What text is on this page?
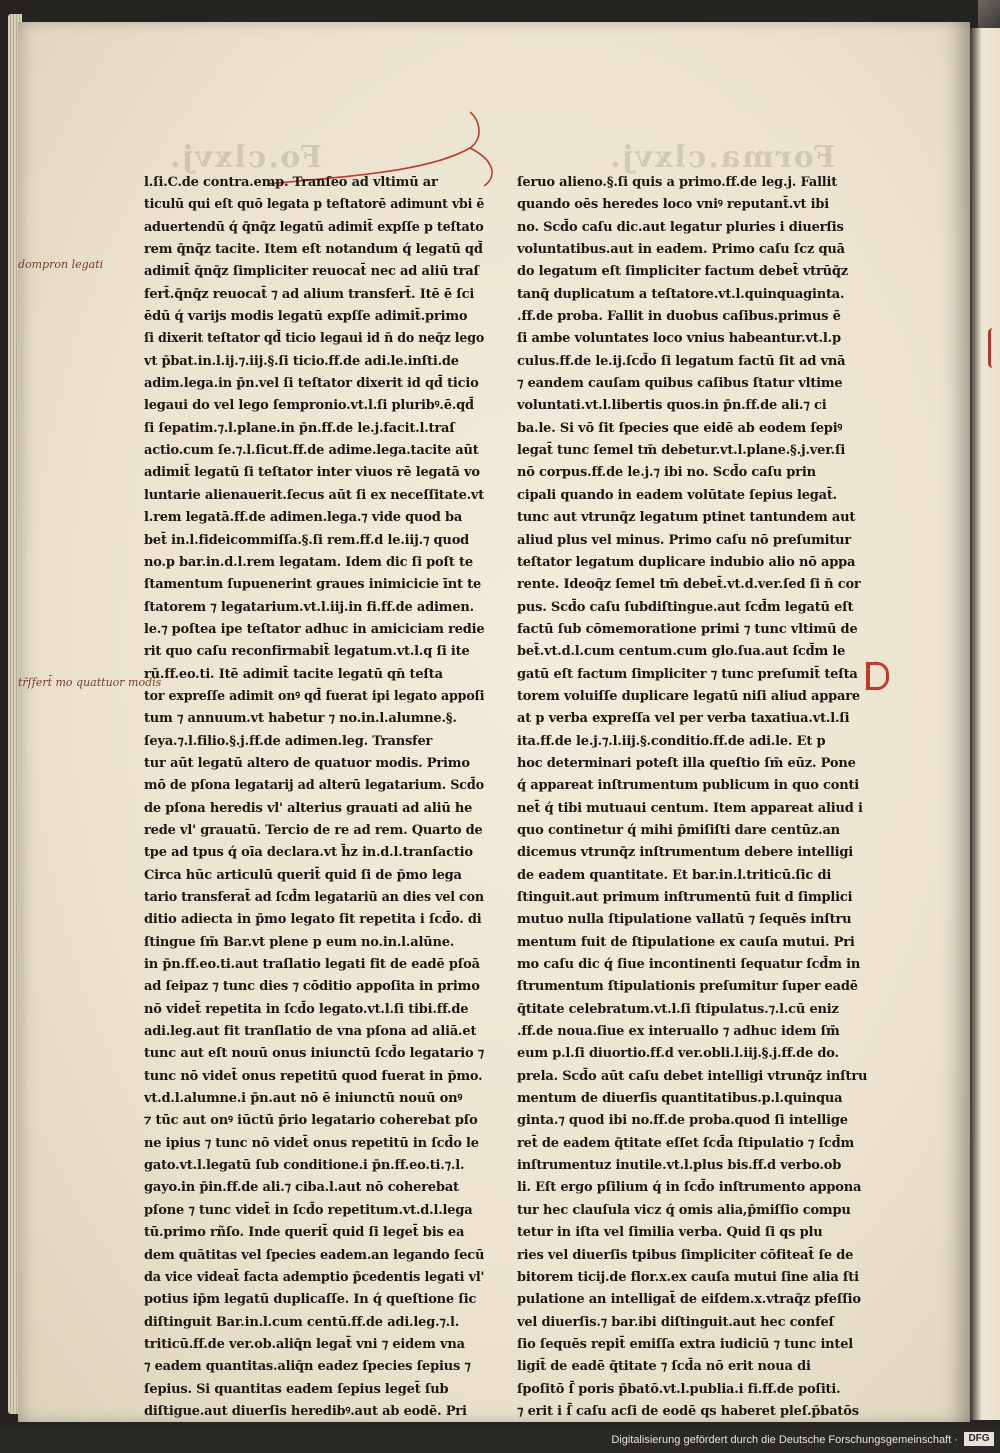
Fo.clxvj.	Forma.clxvj.
dompron legati
tr̄ſfert̄ mo quattuor modis
l.ſi.C.de contra.emp. Tranſeo ad vltimū ar
ticulū qui eſt quō legata p teſtatorē adimunt vbi ē
aduertendū q́ q̄nq̄z legatū adimit̄ expſſe p teſtato
rem q̄nq̄z tacite. Item eſt notandum q́ legatū qd̄
adimit̄ q̄nq̄z ſimpliciter reuocat̄ nec ad aliū traſ
fert̄.q̄nq̄z reuocat̄ ⁊ ad alium transfert̄. Itē ē ſci
ēdū q́ varijs modis legatū expſſe adimit̄.primo
ſi dixerit teſtator qd̄ ticio legaui id n̄ do neq̄z lego
vt p̄bat.in.l.ij.⁊.iij.§.ſi ticio.ff.de adi.le.inſti.de
adim.lega.in p̄n.vel ſi teſtator dixerit id qd̄ ticio
legaui do vel lego ſempronio.vt.l.ſi pluribꝰ.ē.qd̄
ſi ſepatim.⁊.l.plane.in p̄n.ff.de le.j.facit.l.traſ
actio.cum ſe.⁊.l.ſicut.ff.de adime.lega.tacite aūt
adimit̄ legatū ſi teſtator inter viuos rē legatā vo
luntarie alienauerit.ſecus aūt ſi ex neceſſitate.vt
l.rem legatā.ff.de adimen.lega.⁊ vide quod ba
bet̄ in.l.fideicommiſſa.§.ſi rem.ff.d le.iij.⁊ quod
no.p bar.in.d.l.rem legatam. Idem dic ſi poſt te
ſtamentum ſupuenerint graues inimicicie īnt te
ſtatorem ⁊ legatarium.vt.l.iij.in fi.ff.de adimen.
le.⁊ poſtea ipe teſtator adhuc in amiciciam redie
rit quo caſu reconfirmabit̄ legatum.vt.l.q ſi ite
rū.ff.eo.ti. Itē adimit̄ tacite legatū qn̄ teſta
tor expreſſe adimit onꝰ qd̄ fuerat ipi legato appoſi
tum ⁊ annuum.vt habetur ⁊ no.in.l.alumne.§.
ſeya.⁊.l.filio.§.j.ff.de adimen.leg. Transfer
tur aūt legatū altero de quatuor modis. Primo
mō de pſona legatarij ad alterū legatarium. Scd̄o
de pſona heredis vl' alterius grauati ad aliū he
rede vl' grauatū. Tercio de re ad rem. Quarto de
tpe ad tpus q́ oīa declara.vt h̄z in.d.l.tranſactio
Circa hūc articulū querit̄ quid ſi de p̄mo lega
tario transferat̄ ad ſcd̄m legatariū an dies vel con
ditio adiecta in p̄mo legato ſit repetita i ſcd̄o. di
ſtingue ſm̄ Bar.vt plene p eum no.in.l.alūne.
in p̄n.ff.eo.ti.aut traſlatio legati fit de eadē pſoā
ad ſeipaz ⁊ tunc dies ⁊ cōditio appoſita in primo
nō videt̄ repetita in ſcd̄o legato.vt.l.ſi tibi.ff.de
adi.leg.aut fit tranſlatio de vna pſona ad aliā.et
tunc aut eſt nouū onus iniunctū ſcd̄o legatario ⁊
tunc nō videt̄ onus repetitū quod fuerat in p̄mo.
vt.d.l.alumne.i p̄n.aut nō ē iniunctū nouū onꝰ
⁊ tūc aut onꝰ iūctū p̄rio legatario coherebat pſo
ne ipius ⁊ tunc nō videt̄ onus repetitū in ſcd̄o le
gato.vt.l.legatū ſub conditione.i p̄n.ff.eo.ti.⁊.l.
gayo.in p̄in.ff.de ali.⁊ ciba.l.aut nō coherebat
pſone ⁊ tunc videt̄ in ſcd̄o repetitum.vt.d.l.lega
tū.primo rñſo. Inde querit̄ quid ſi leget̄ bis ea
dem quātitas vel ſpecies eadem.an legando ſecū
da vice videat̄ facta ademptio p̄cedentis legati vl'
potius ip̄m legatū duplicaſſe. In q́ queſtione ſic
diſtinguit Bar.in.l.cum centū.ff.de adi.leg.⁊.l.
triticū.ff.de ver.ob.aliq̄n legat̄ vni ⁊ eidem vna
⁊ eadem quantitas.aliq̄n eadez ſpecies ſepius ⁊
ſepius. Si quantitas eadem ſepius leget̄ ſub
diſtigue.aut diuerſis heredibꝰ.aut ab eodē. Pri
ſeruo alieno.§.ſi quis a primo.ff.de leg.j. Fallit
quando oēs heredes loco vniꝰ reputant̄.vt ibi
no. Scd̄o caſu dic.aut legatur pluries i diuerſis
voluntatibus.aut in eadem. Primo caſu ſcz quā
do legatum eſt ſimpliciter factum debet̄ vtrūq̄z
tanq̄ duplicatum a teſtatore.vt.l.quinquaginta.
.ff.de proba. Fallit in duobus caſibus.primus ē
ſi ambe voluntates loco vnius habeantur.vt.l.p
culus.ff.de le.ij.ſcd̄o ſi legatum factū ſit ad vnā
⁊ eandem cauſam quibus caſibus ſtatur vltime
voluntati.vt.l.libertis quos.in p̄n.ff.de ali.⁊ ci
ba.le. Si vō ſit ſpecies que eidē ab eodem ſepiꝰ
legat̄ tunc ſemel tm̄ debetur.vt.l.plane.§.j.ver.ſi
nō corpus.ff.de le.j.⁊ ibi no. Scd̄o caſu prin
cipali quando in eadem volūtate ſepius legat̄.
tunc aut vtrunq̄z legatum ptinet tantundem aut
aliud plus vel minus. Primo caſu nō preſumitur
teſtator legatum duplicare indubio alio nō appa
rente. Ideoq̄z ſemel tm̄ debet̄.vt.d.ver.ſed ſi n̄ cor
pus. Scd̄o caſu ſubdiſtingue.aut ſcd̄m legatū eſt
factū ſub cōmemoratione primi ⁊ tunc vltimū de
bet̄.vt.d.l.cum centum.cum glo.ſua.aut ſcd̄m le
gatū eſt factum ſimpliciter ⁊ tunc preſumit̄ teſta
torem voluiſſe duplicare legatū niſi aliud appare
at p verba expreſſa vel per verba taxatiua.vt.l.ſi
ita.ff.de le.j.⁊.l.iij.§.conditio.ff.de adi.le. Et p
hoc determinari poteſt illa queſtio ſm̄ eūz. Pone
q́ appareat inſtrumentum publicum in quo conti
net̄ q́ tibi mutuaui centum. Item appareat aliud i
quo continetur q́ mihi p̄miſiſti dare centūz.an
dicemus vtrunq̄z inſtrumentum debere intelligi
de eadem quantitate. Et bar.in.l.triticū.ſic di
ſtinguit.aut primum inſtrumentū fuit d ſimplici
mutuo nulla ſtipulatione vallatū ⁊ ſequēs inſtru
mentum fuit de ſtipulatione ex cauſa mutui. Pri
mo caſu dic q́ ſiue incontinenti ſequatur ſcd̄m in
ſtrumentum ſtipulationis preſumitur ſuper eadē
q̄titate celebratum.vt.l.ſi ſtipulatus.⁊.l.cū eniz
.ff.de noua.ſiue ex interuallo ⁊ adhuc idem ſm̄
eum p.l.ſi diuortio.ff.d ver.obli.l.iij.§.j.ff.de do.
prela. Scd̄o aūt caſu debet intelligi vtrunq̄z inſtru
mentum de diuerſis quantitatibus.p.l.quinqua
ginta.⁊ quod ibi no.ff.de proba.quod ſi intellige
ret̄ de eadem q̄titate eſſet ſcd̄a ſtipulatio ⁊ ſcd̄m
inſtrumentuz inutile.vt.l.plus bis.ff.d verbo.ob
li. Eſt ergo pſilium q́ in ſcd̄o inſtrumento appona
tur hec clauſula vicz q́ omis alia,p̄miſſio compu
tetur in iſta vel ſimilia verba. Quid ſi qs plu
ries vel diuerſis tpibus ſimpliciter cōfiteat̄ ſe de
bitorem ticij.de flor.x.ex cauſa mutui ſine alia ſti
pulatione an intelligat̄ de eiſdem.x.vtraq̄z pfeſſio
vel diuerſis.⁊ bar.ibi diſtinguit.aut hec confeſ
ſio ſequēs repit̄ emiſſa extra iudiciū ⁊ tunc intel
ligit̄ de eadē q̄titate ⁊ ſcd̄a nō erit noua di
ſpoſitō ſ̄ poris p̄batō.vt.l.publia.i fi.ff.de poſiti.
⁊ erit i ſ̄ caſu acſi de eodē qs haberet pleſ.p̄batōs
Digitalisierung gefördert durch die Deutsche Forschungsgemeinschaft ·	DFG
